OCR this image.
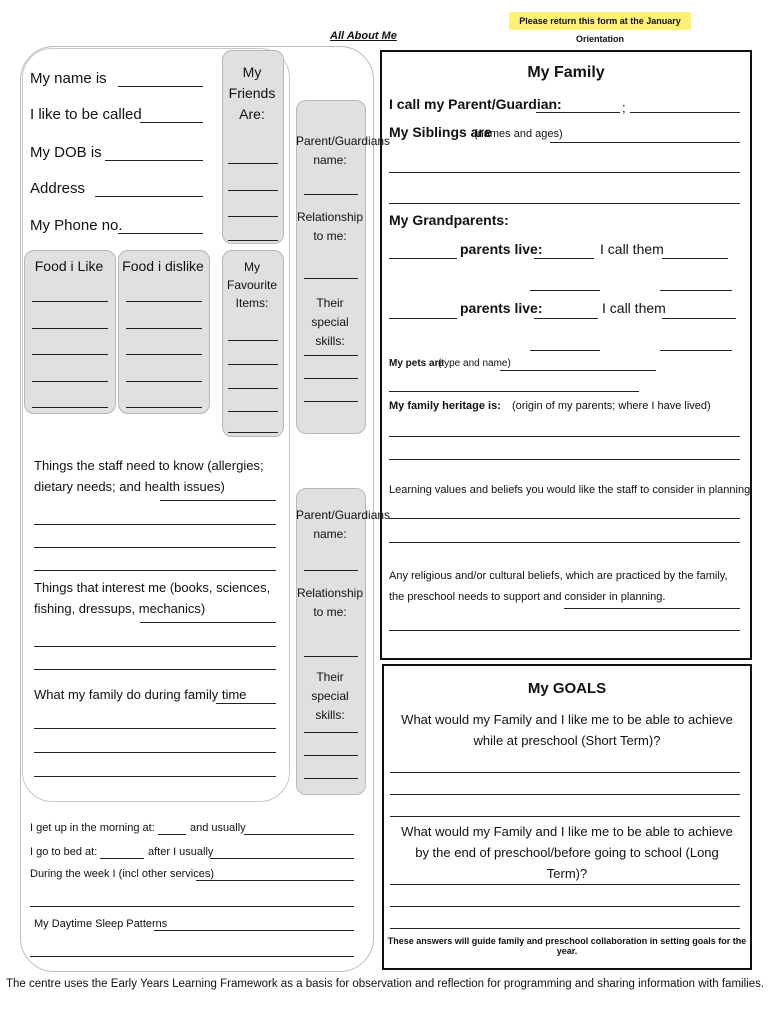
Please return this form at the January Orientation
All About Me
My name is
I like to be called
My DOB is
Address
My Phone no.
My Friends Are:
Food i Like	Food i dislike	My Favourite Items:
Parent/Guardians name:
Relationship to me:
Their special skills:
Parent/Guardians name:
Relationship to me:
Their special skills:
Things the staff need to know (allergies; dietary needs; and health issues)
Things that interest me (books, sciences, fishing, dressups, mechanics)
What my family do during family time
I get up in the morning at:	and usually
I go to bed at:	after I usually
During the week I (incl other services)
My Daytime Sleep Patterns
My Family
I call my Parent/Guardian:	;
My Siblings are
(names and ages)
My Grandparents:
parents live:	I call them
parents live:	I call them
My pets are
(type and name)
My family heritage is: (origin of my parents; where I have lived)
Learning values and beliefs you would like the staff to consider in planning
Any religious and/or cultural beliefs, which are practiced by the family, the preschool needs to support and consider in planning.
My GOALS
What would my Family and I like me to be able to achieve while at preschool (Short Term)?
What would my Family and I like me to be able to achieve by the end of preschool/before going to school (Long Term)?
These answers will guide family and preschool collaboration in setting goals for the year.
The centre uses the Early Years Learning Framework as a basis for observation and reflection for programming and sharing information with families.
